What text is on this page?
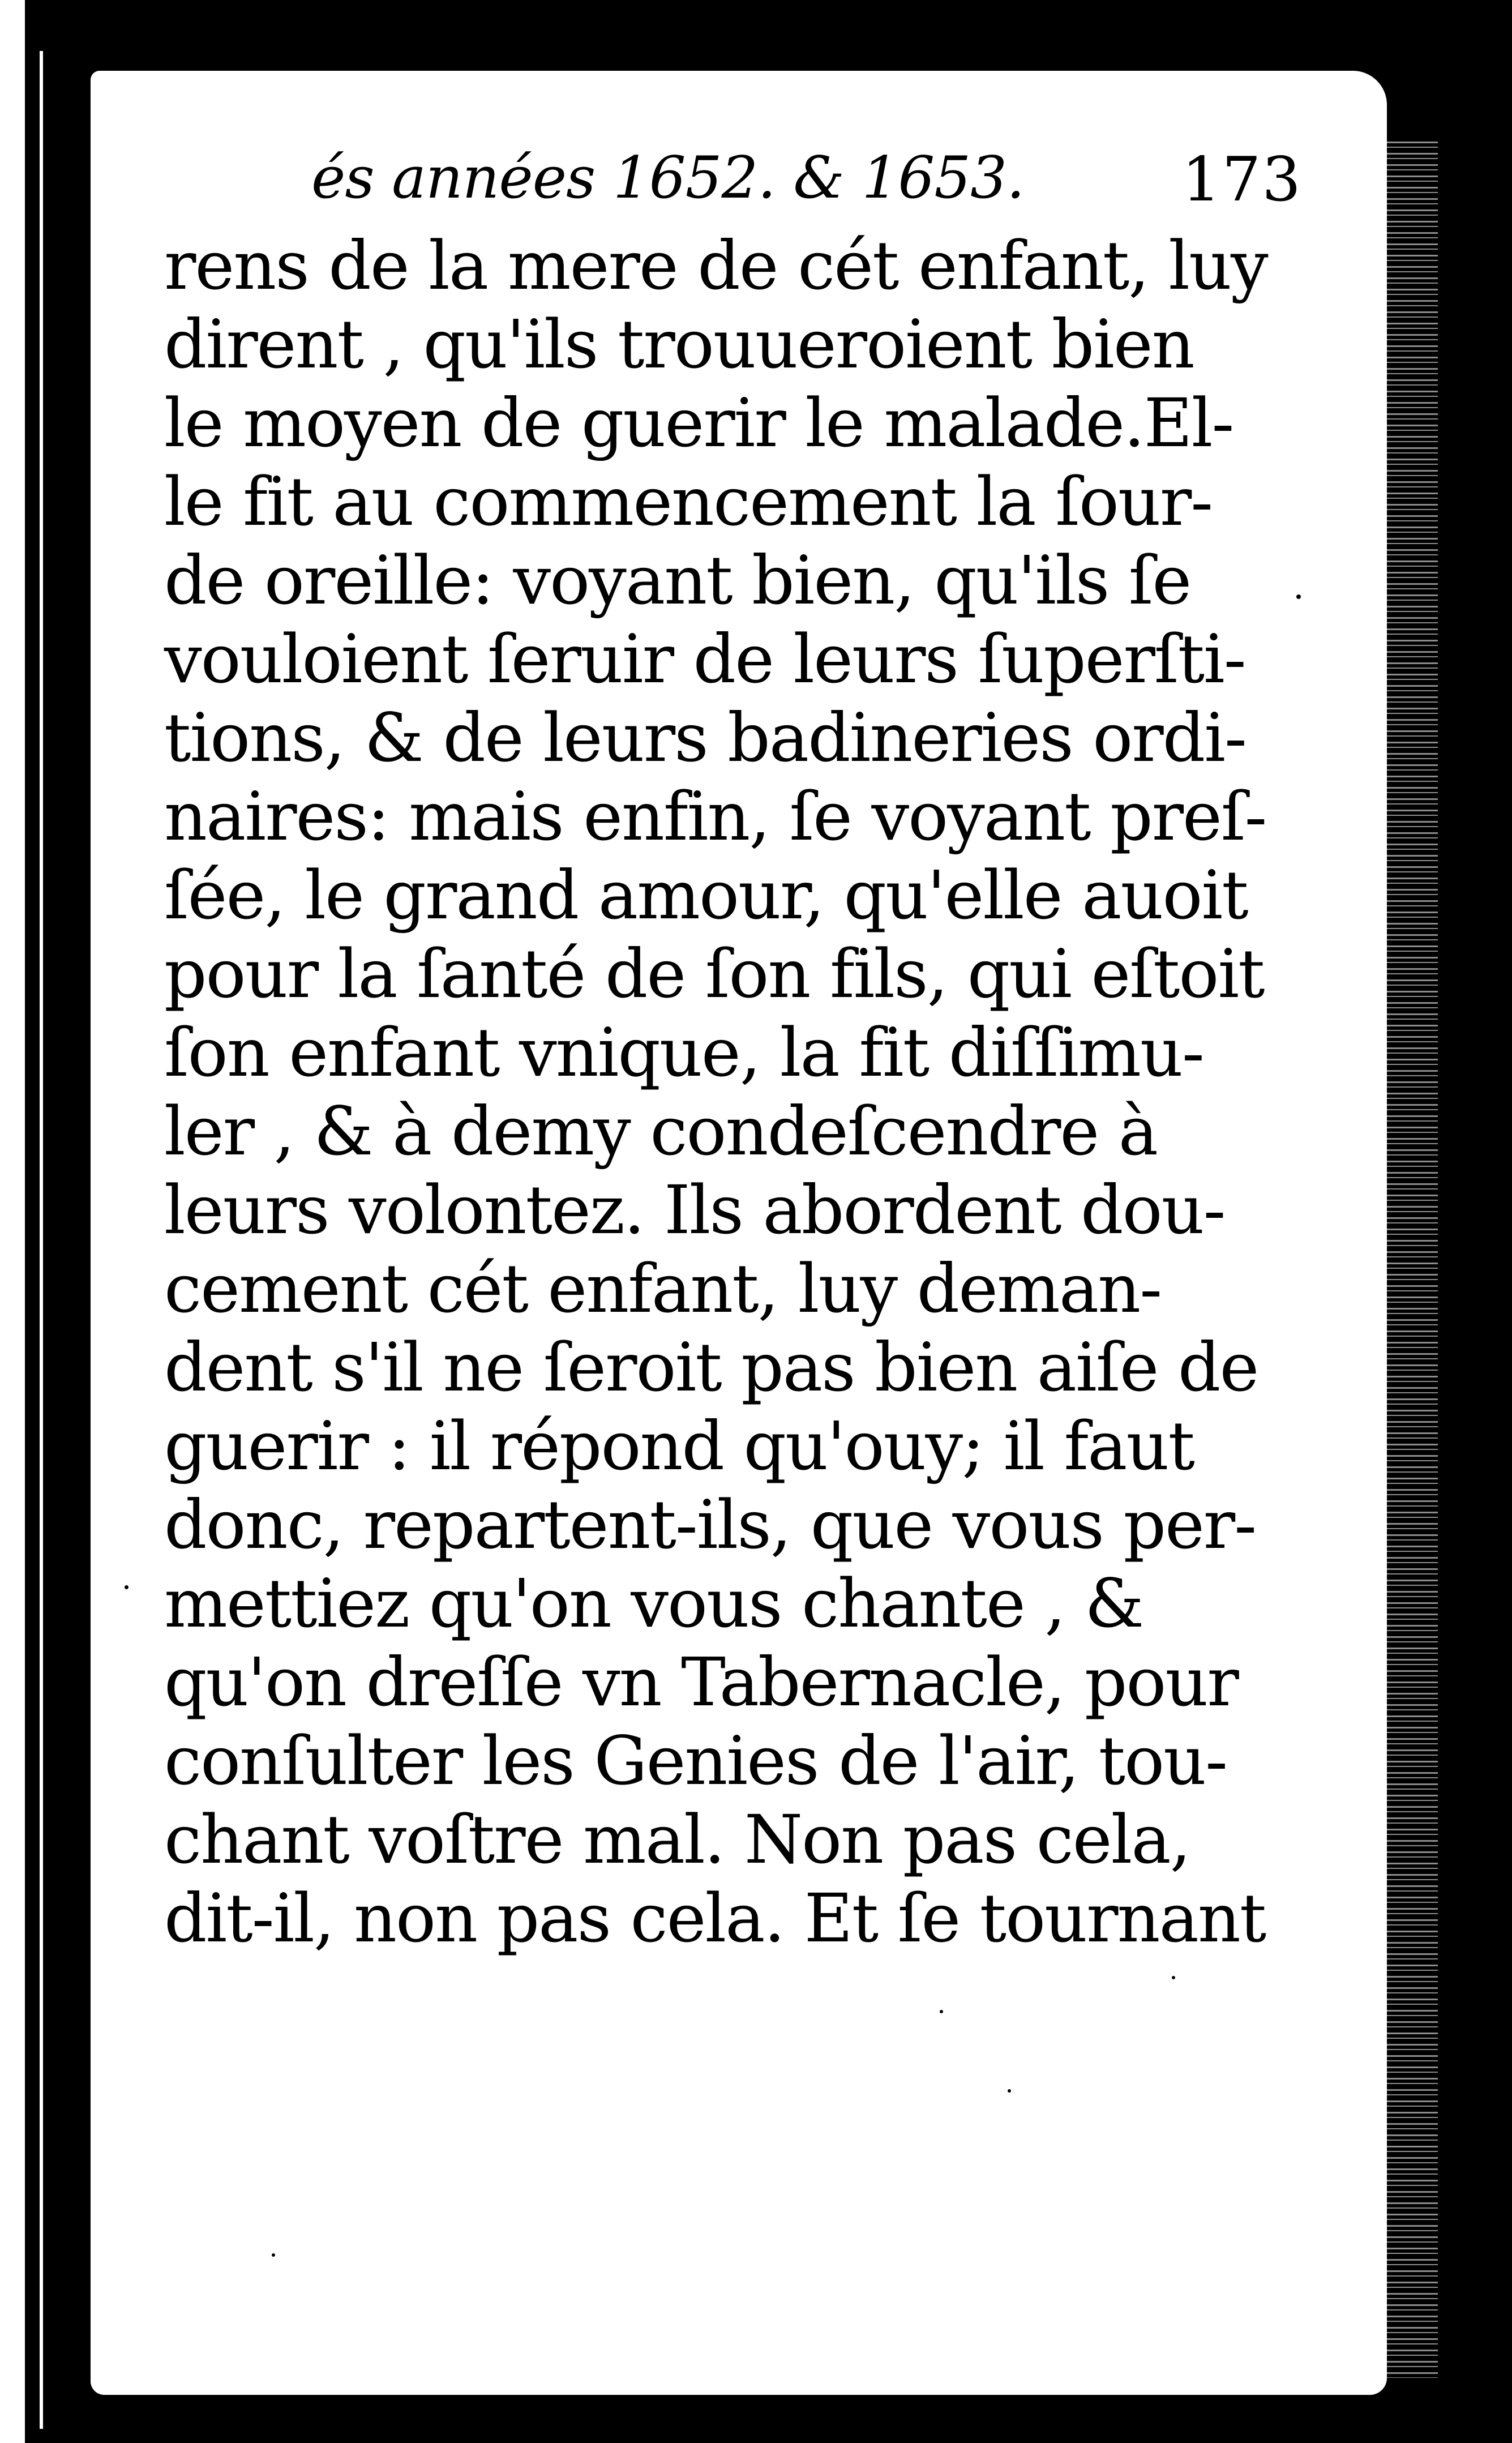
és années 1652. & 1653.	173
rens de la mere de cét enfant, luy
dirent , qu'ils trouueroient bien
le moyen de guerir le malade.El-
le fit au commencement la ſour-
de oreille: voyant bien, qu'ils ſe
vouloient ſeruir de leurs ſuperſti-
tions, & de leurs badineries ordi-
naires: mais enfin, ſe voyant preſ-
ſée, le grand amour, qu'elle auoit
pour la ſanté de ſon fils, qui eſtoit
ſon enfant vnique, la fit diſſimu-
ler , & à demy condeſcendre à
leurs volontez. Ils abordent dou-
cement cét enfant, luy deman-
dent s'il ne ſeroit pas bien aiſe de
guerir : il répond qu'ouy; il faut
donc, repartent-ils, que vous per-
mettiez qu'on vous chante , &
qu'on dreſſe vn Tabernacle, pour
conſulter les Genies de l'air, tou-
chant voſtre mal. Non pas cela,
dit-il, non pas cela. Et ſe tournant
